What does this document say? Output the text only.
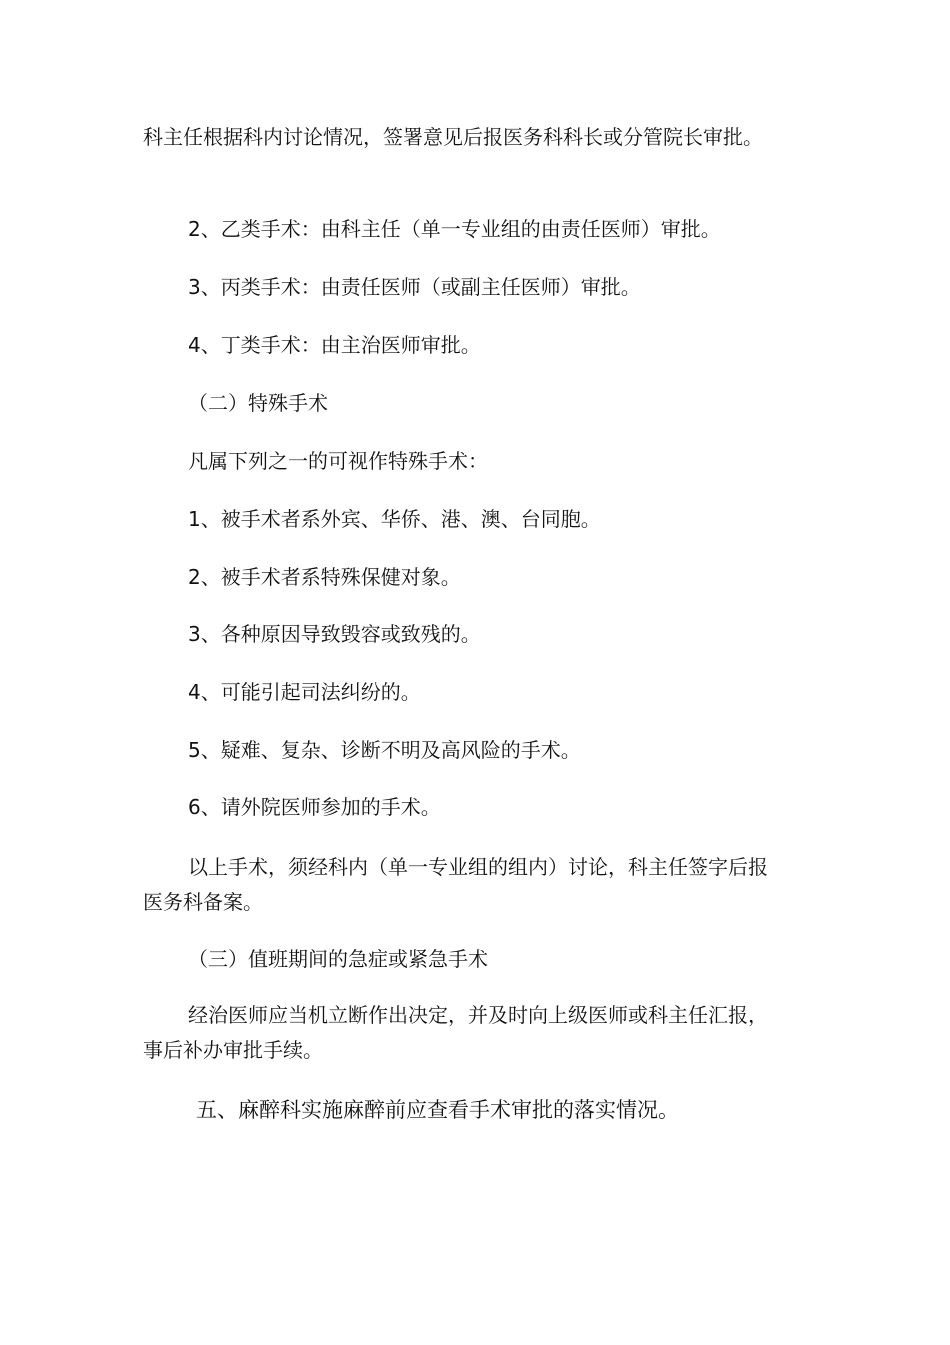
科主任根据科内讨论情况，签署意见后报医务科科长或分管院长审批。

2、乙类手术：由科主任（单一专业组的由责任医师）审批。

3、丙类手术：由责任医师（或副主任医师）审批。

4、丁类手术：由主治医师审批。

（二）特殊手术

凡属下列之一的可视作特殊手术：

1、被手术者系外宾、华侨、港、澳、台同胞。

2、被手术者系特殊保健对象。

3、各种原因导致毁容或致残的。

4、可能引起司法纠纷的。

5、疑难、复杂、诊断不明及高风险的手术。

6、请外院医师参加的手术。

以上手术，须经科内（单一专业组的组内）讨论，科主任签字后报医务科备案。

（三）值班期间的急症或紧急手术

经治医师应当机立断作出决定，并及时向上级医师或科主任汇报，事后补办审批手续。

五、麻醉科实施麻醉前应查看手术审批的落实情况。
